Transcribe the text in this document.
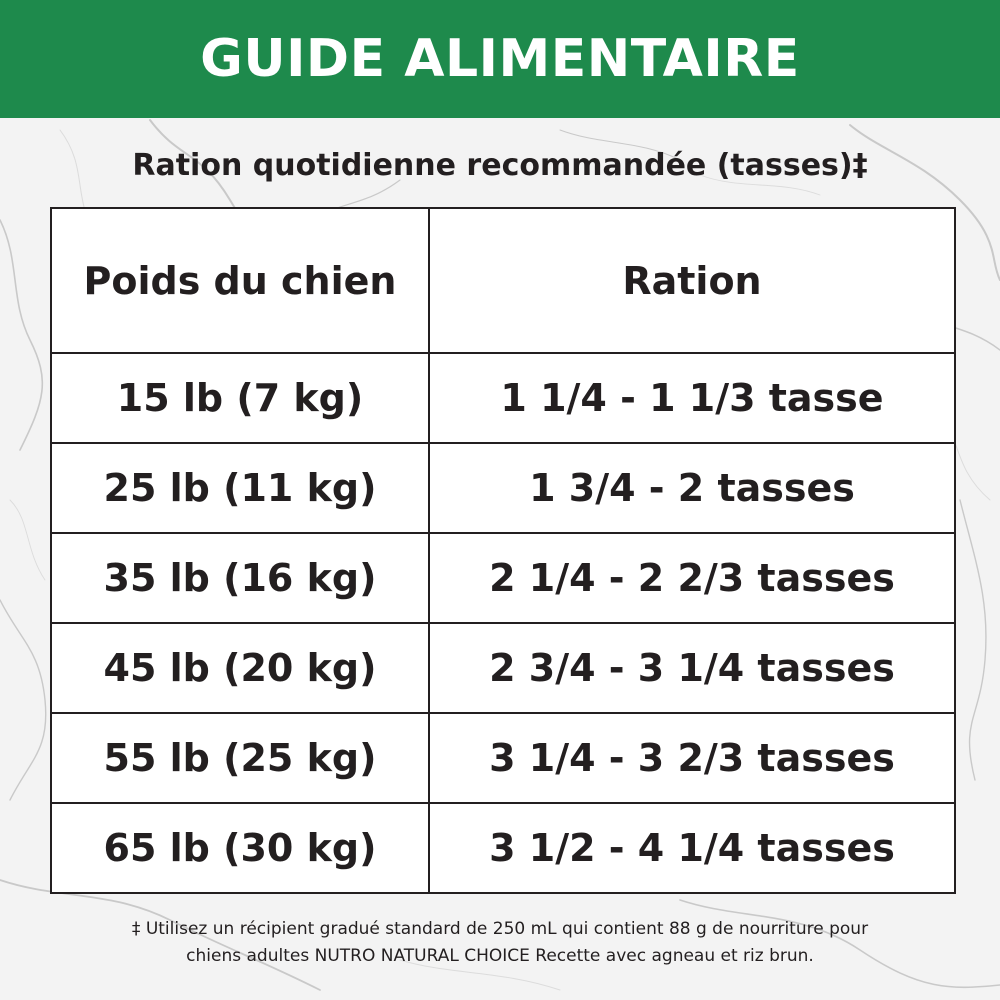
GUIDE ALIMENTAIRE
Ration quotidienne recommandée (tasses)‡
Poids du chien	Ration
15 lb (7 kg)	1 1/4 - 1 1/3 tasse
25 lb (11 kg)	1 3/4 - 2 tasses
35 lb (16 kg)	2 1/4 - 2 2/3 tasses
45 lb (20 kg)	2 3/4 - 3 1/4 tasses
55 lb (25 kg)	3 1/4 - 3 2/3 tasses
65 lb (30 kg)	3 1/2 - 4 1/4 tasses
‡ Utilisez un récipient gradué standard de 250 mL qui contient 88 g de nourriture pour
chiens adultes NUTRO NATURAL CHOICE Recette avec agneau et riz brun.
